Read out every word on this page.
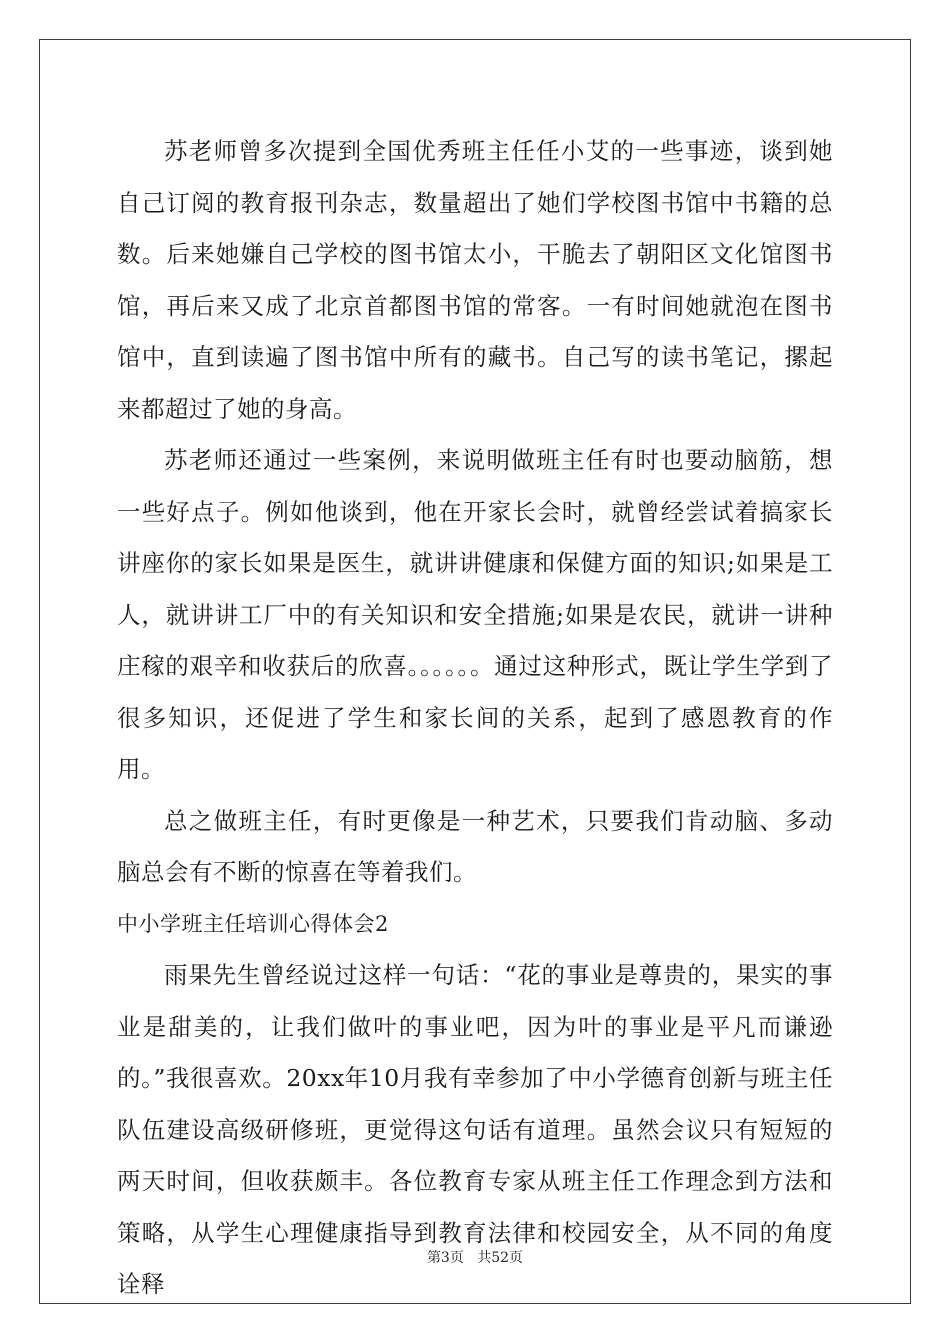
苏老师曾多次提到全国优秀班主任任小艾的一些事迹，谈到她自己订阅的教育报刊杂志，数量超出了她们学校图书馆中书籍的总数。后来她嫌自己学校的图书馆太小，干脆去了朝阳区文化馆图书馆，再后来又成了北京首都图书馆的常客。一有时间她就泡在图书馆中，直到读遍了图书馆中所有的藏书。自己写的读书笔记，摞起来都超过了她的身高。

苏老师还通过一些案例，来说明做班主任有时也要动脑筋，想一些好点子。例如他谈到，他在开家长会时，就曾经尝试着搞家长讲座你的家长如果是医生，就讲讲健康和保健方面的知识;如果是工人，就讲讲工厂中的有关知识和安全措施;如果是农民，就讲一讲种庄稼的艰辛和收获后的欣喜。。。。。。通过这种形式，既让学生学到了很多知识，还促进了学生和家长间的关系，起到了感恩教育的作用。

总之做班主任，有时更像是一种艺术，只要我们肯动脑、多动脑总会有不断的惊喜在等着我们。

中小学班主任培训心得体会2

雨果先生曾经说过这样一句话：“花的事业是尊贵的，果实的事业是甜美的，让我们做叶的事业吧，因为叶的事业是平凡而谦逊的。”我很喜欢。20xx年10月我有幸参加了中小学德育创新与班主任队伍建设高级研修班，更觉得这句话有道理。虽然会议只有短短的两天时间，但收获颇丰。各位教育专家从班主任工作理念到方法和策略，从学生心理健康指导到教育法律和校园安全，从不同的角度诠释

第3页 共52页
